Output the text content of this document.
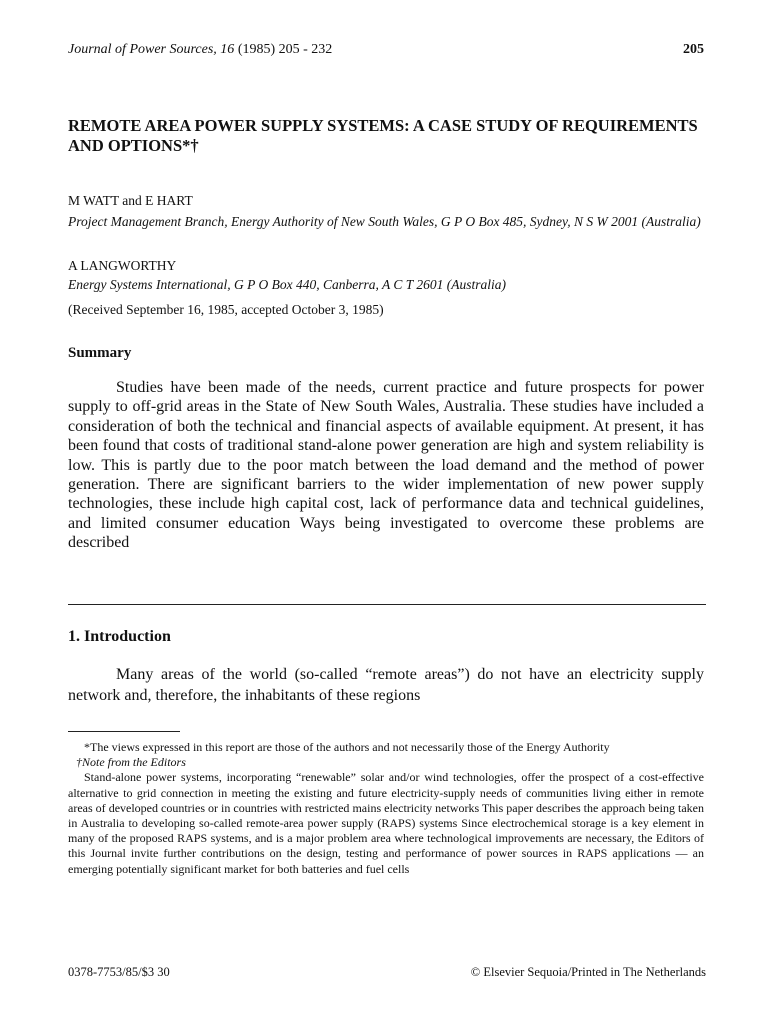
Journal of Power Sources, 16 (1985) 205 - 232	205
REMOTE AREA POWER SUPPLY SYSTEMS: A CASE STUDY OF REQUIREMENTS AND OPTIONS*†
M WATT and E HART
Project Management Branch, Energy Authority of New South Wales, G P O Box 485, Sydney, N S W 2001 (Australia)
A LANGWORTHY
Energy Systems International, G P O Box 440, Canberra, A C T 2601 (Australia)
(Received September 16, 1985, accepted October 3, 1985)
Summary
Studies have been made of the needs, current practice and future prospects for power supply to off-grid areas in the State of New South Wales, Australia. These studies have included a consideration of both the technical and financial aspects of available equipment. At present, it has been found that costs of traditional stand-alone power generation are high and system reliability is low. This is partly due to the poor match between the load demand and the method of power generation. There are significant barriers to the wider implementation of new power supply technologies, these include high capital cost, lack of performance data and technical guidelines, and limited consumer education Ways being investigated to overcome these problems are described
1. Introduction
Many areas of the world (so-called “remote areas”) do not have an electricity supply network and, therefore, the inhabitants of these regions
*The views expressed in this report are those of the authors and not necessarily those of the Energy Authority
†Note from the Editors
Stand-alone power systems, incorporating “renewable” solar and/or wind technologies, offer the prospect of a cost-effective alternative to grid connection in meeting the existing and future electricity-supply needs of communities living either in remote areas of developed countries or in countries with restricted mains electricity networks This paper describes the approach being taken in Australia to developing so-called remote-area power supply (RAPS) systems Since electrochemical storage is a key element in many of the proposed RAPS systems, and is a major problem area where technological improvements are necessary, the Editors of this Journal invite further contributions on the design, testing and performance of power sources in RAPS applications — an emerging potentially significant market for both batteries and fuel cells
0378-7753/85/$3 30	© Elsevier Sequoia/Printed in The Netherlands
